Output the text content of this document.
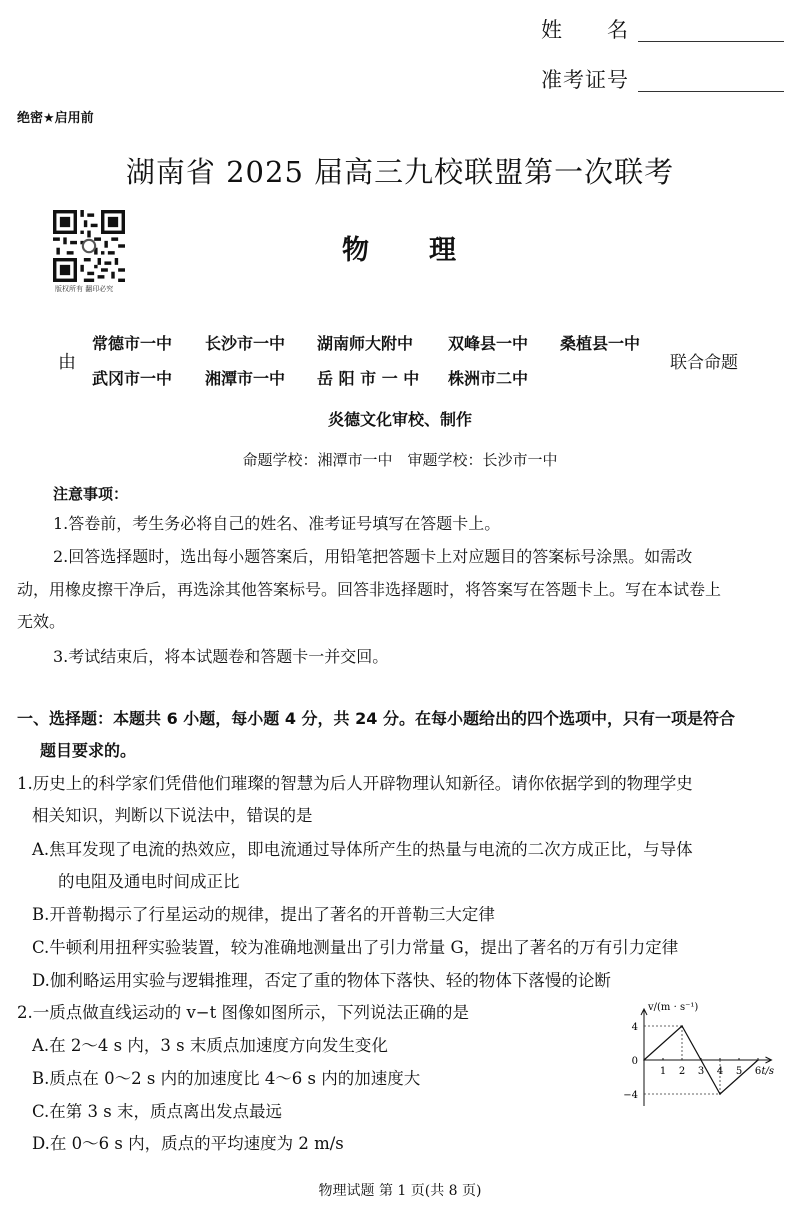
姓　　名
准考证号
绝密★启用前
湖南省 2025 届高三九校联盟第一次联考
版权所有 翻印必究
物　　理
由
常德市一中 长沙市一中 湖南师大附中 双峰县一中 桑植县一中
武冈市一中 湘潭市一中 岳 阳 市 一 中 株洲市二中
联合命题
炎德文化审校、制作
命题学校：湘潭市一中　审题学校：长沙市一中
注意事项：
1.答卷前，考生务必将自己的姓名、准考证号填写在答题卡上。
2.回答选择题时，选出每小题答案后，用铅笔把答题卡上对应题目的答案标号涂黑。如需改
动，用橡皮擦干净后，再选涂其他答案标号。回答非选择题时，将答案写在答题卡上。写在本试卷上
无效。
3.考试结束后，将本试题卷和答题卡一并交回。
一、选择题：本题共 6 小题，每小题 4 分，共 24 分。在每小题给出的四个选项中，只有一项是符合
题目要求的。
1.历史上的科学家们凭借他们璀璨的智慧为后人开辟物理认知新径。请你依据学到的物理学史
相关知识，判断以下说法中，错误的是
A.焦耳发现了电流的热效应，即电流通过导体所产生的热量与电流的二次方成正比，与导体
的电阻及通电时间成正比
B.开普勒揭示了行星运动的规律，提出了著名的开普勒三大定律
C.牛顿利用扭秤实验装置，较为准确地测量出了引力常量 G，提出了著名的万有引力定律
D.伽利略运用实验与逻辑推理，否定了重的物体下落快、轻的物体下落慢的论断
2.一质点做直线运动的 v−t 图像如图所示，下列说法正确的是
A.在 2～4 s 内，3 s 末质点加速度方向发生变化
B.质点在 0～2 s 内的加速度比 4～6 s 内的加速度大
C.在第 3 s 末，质点离出发点最远
D.在 0～6 s 内，质点的平均速度为 2 m/s
v/(m · s⁻¹)
t/s
4
0
−4
1 2 3 4 5 6
物理试题 第 1 页(共 8 页)
